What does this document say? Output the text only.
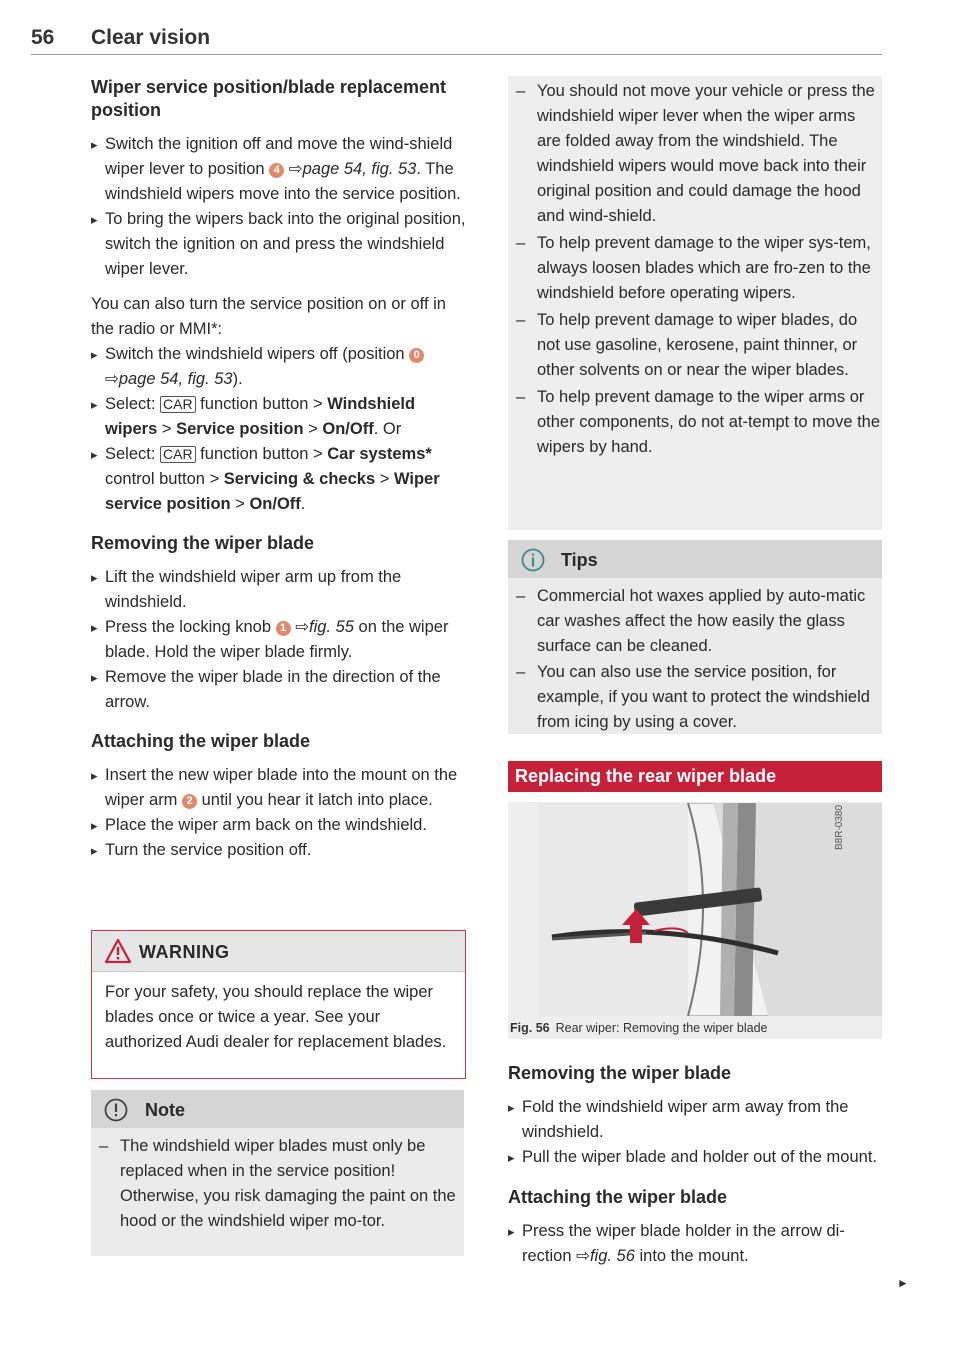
56 Clear vision
Wiper service position/blade replacement position
▸ Switch the ignition off and move the wind-shield wiper lever to position 4 ⇨page 54, fig. 53. The windshield wipers move into the service position.
▸ To bring the wipers back into the original position, switch the ignition on and press the windshield wiper lever.

You can also turn the service position on or off in the radio or MMI*:

▸ Switch the windshield wipers off (position 0 ⇨page 54, fig. 53).
▸ Select: CAR function button > Windshield wipers > Service position > On/Off. Or
▸ Select: CAR function button > Car systems* control button > Servicing & checks > Wiper service position > On/Off.
Removing the wiper blade
▸ Lift the windshield wiper arm up from the windshield.
▸ Press the locking knob 1 ⇨fig. 55 on the wiper blade. Hold the wiper blade firmly.
▸ Remove the wiper blade in the direction of the arrow.
Attaching the wiper blade
▸ Insert the new wiper blade into the mount on the wiper arm 2 until you hear it latch into place.
▸ Place the wiper arm back on the windshield.
▸ Turn the service position off.
WARNING

For your safety, you should replace the wiper blades once or twice a year. See your authorized Audi dealer for replacement blades.

Note

– The windshield wiper blades must only be replaced when in the service position! Otherwise, you risk damaging the paint on the hood or the windshield wiper mo-tor.

– You should not move your vehicle or press the windshield wiper lever when the wiper arms are folded away from the windshield. The windshield wipers would move back into their original position and could damage the hood and wind-shield.

– To help prevent damage to the wiper sys-tem, always loosen blades which are fro-zen to the windshield before operating wipers.

– To help prevent damage to wiper blades, do not use gasoline, kerosene, paint thinner, or other solvents on or near the wiper blades.

– To help prevent damage to the wiper arms or other components, do not at-tempt to move the wipers by hand.

Tips

– Commercial hot waxes applied by auto-matic car washes affect the how easily the glass surface can be cleaned.

– You can also use the service position, for example, if you want to protect the windshield from icing by using a cover.

Replacing the rear wiper blade
B8R-0380
Fig. 56 Rear wiper: Removing the wiper blade
Removing the wiper blade
▸ Fold the windshield wiper arm away from the windshield.
▸ Pull the wiper blade and holder out of the mount.
Attaching the wiper blade
▸ Press the wiper blade holder in the arrow di-rection ⇨fig. 56 into the mount.
►
